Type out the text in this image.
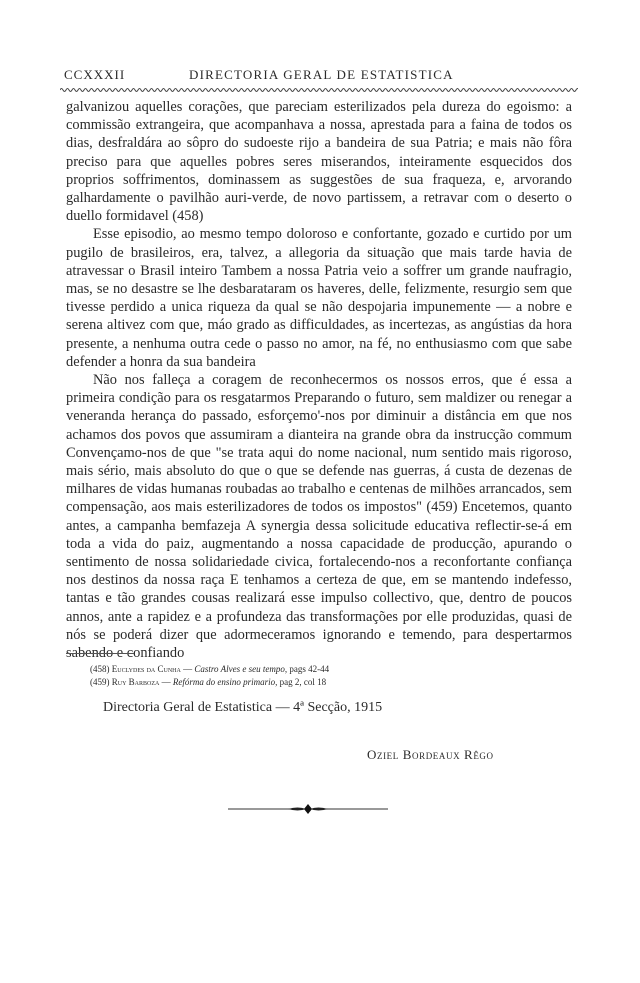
CCXXXII	DIRECTORIA GERAL DE ESTATISTICA

galvanizou aquelles corações, que pareciam esterilizados pela dureza do egoismo: a commissão extrangeira, que acompanhava a nossa, aprestada para a faina de todos os dias, desfraldára ao sôpro do sudoeste rijo a bandeira de sua Patria; e mais não fôra preciso para que aquelles pobres seres miserandos, inteiramente esquecidos dos proprios soffrimentos, dominassem as suggestões de sua fraqueza, e, arvorando galhardamente o pavilhão auri-verde, de novo partissem, a retravar com o deserto o duello formidavel (458)

Esse episodio, ao mesmo tempo doloroso e confortante, gozado e curtido por um pugilo de brasileiros, era, talvez, a allegoria da situação que mais tarde havia de atravessar o Brasil inteiro Tambem a nossa Patria veio a soffrer um grande naufragio, mas, se no desastre se lhe desbarataram os haveres, delle, felizmente, resurgio sem que tivesse perdido a unica riqueza da qual se não despojaria impunemente — a nobre e serena altivez com que, máo grado as difficuldades, as incertezas, as angústias da hora presente, a nenhuma outra cede o passo no amor, na fé, no enthusiasmo com que sabe defender a honra da sua bandeira

Não nos falleça a coragem de reconhecermos os nossos erros, que é essa a primeira condição para os resgatarmos Preparando o futuro, sem maldizer ou renegar a veneranda herança do passado, esforçemo'-nos por diminuir a distância em que nos achamos dos povos que assumiram a dianteira na grande obra da instrucção commum Convençamo-nos de que "se trata aqui do nome nacional, num sentido mais rigoroso, mais sério, mais absoluto do que o que se defende nas guerras, á custa de dezenas de milhares de vidas humanas roubadas ao trabalho e centenas de milhões arrancados, sem compensação, aos mais esterilizadores de todos os impostos" (459) Encetemos, quanto antes, a campanha bemfazeja A synergia dessa solicitude educativa reflectir-se-á em toda a vida do paiz, augmentando a nossa capacidade de producção, apurando o sentimento de nossa solidariedade civica, fortalecendo-nos a reconfortante confiança nos destinos da nossa raça E tenhamos a certeza de que, em se mantendo indefesso, tantas e tão grandes cousas realizará esse impulso collectivo, que, dentro de poucos annos, ante a rapidez e a profundeza das transformações por elle produzidas, quasi de nós se poderá dizer que adormeceramos ignorando e temendo, para despertarmos sabendo e confiando

(458) Euclydes da Cunha — Castro Alves e seu tempo, pags 42-44
(459) Ruy Barboza — Refórma do ensino primario, pag 2, col 18
Directoria Geral de Estatistica — 4ª Secção, 1915
Oziel Bordeaux Rêgo
